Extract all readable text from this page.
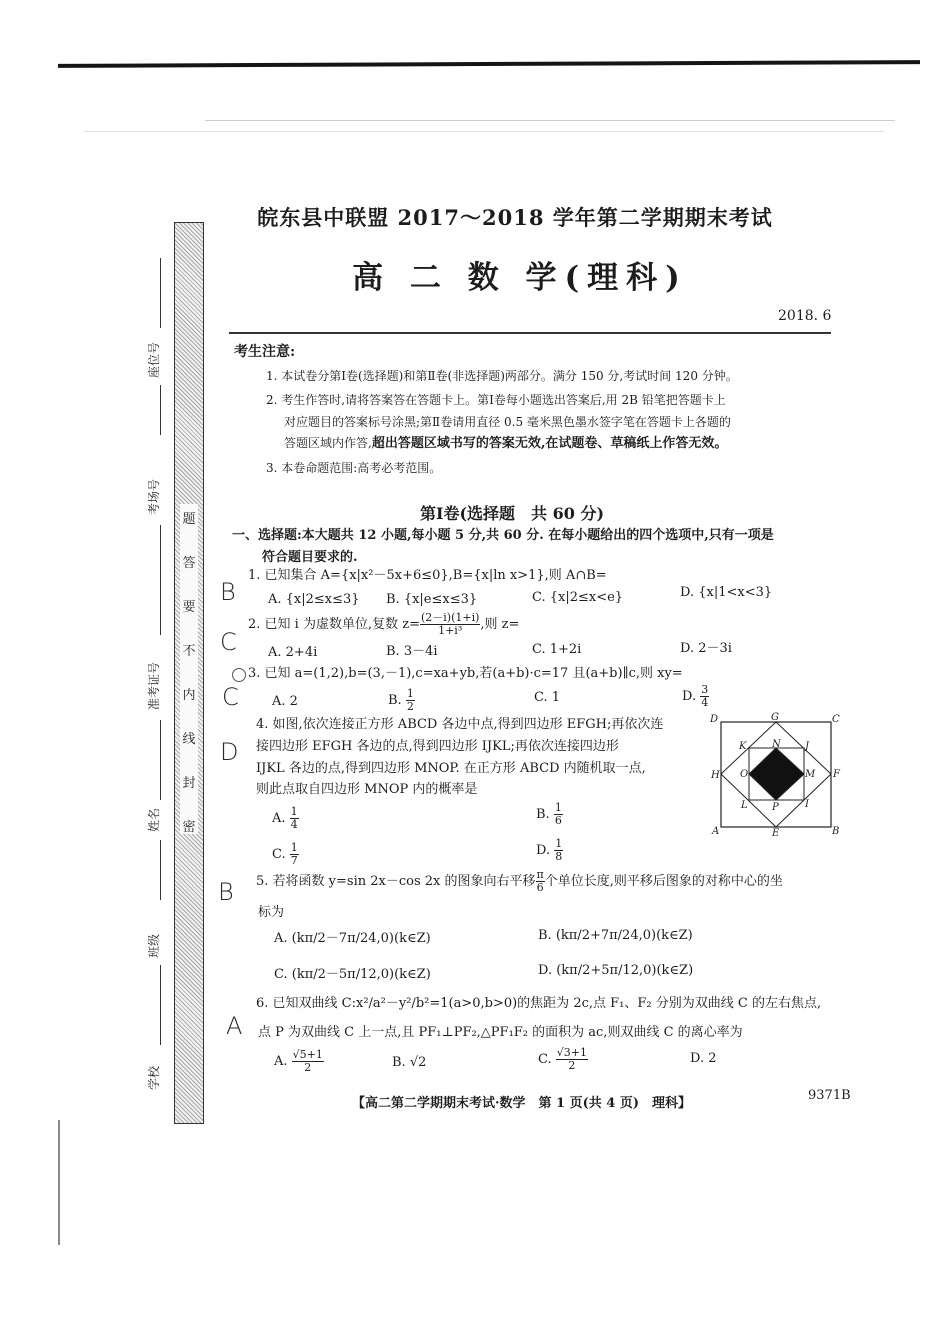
题
答
要
不
内
线
封
密
座位号
考场号
准考证号
姓名
班级
学校
皖东县中联盟 2017～2018 学年第二学期期末考试
高 二 数 学(理科)
2018. 6
考生注意:
1. 本试卷分第Ⅰ卷(选择题)和第Ⅱ卷(非选择题)两部分。满分 150 分,考试时间 120 分钟。
2. 考生作答时,请将答案答在答题卡上。第Ⅰ卷每小题选出答案后,用 2B 铅笔把答题卡上
对应题目的答案标号涂黑;第Ⅱ卷请用直径 0.5 毫米黑色墨水签字笔在答题卡上各题的
答题区域内作答,超出答题区域书写的答案无效,在试题卷、草稿纸上作答无效。
3. 本卷命题范围:高考必考范围。
第Ⅰ卷(选择题　共 60 分)
一、选择题:本大题共 12 小题,每小题 5 分,共 60 分. 在每小题给出的四个选项中,只有一项是
符合题目要求的.
B
C
C
D
B
A
1. 已知集合 A={x|x²－5x+6≤0},B={x|ln x>1},则 A∩B=
A. {x|2≤x≤3} B. {x|e≤x≤3}	C. {x|2≤x<e}	D. {x|1<x<3}
2. 已知 i 为虚数单位,复数 $z= \frac{(2-i)(1+i)}{\text{1+i³}}$ ,则 z=
A. 2+4i	B. 3－4i	C. 1+2i	D. 2－3i
3. 已知 a=(1,2),b=(3,－1),c=xa+yb,若(a+b)·c=17 且(a+b)∥c,则 xy=
A. 2	B. $\frac{1}{2}$	C. 1	D. $\frac{3}{4}$
4. 如图,依次连接正方形 ABCD 各边中点,得到四边形 EFGH;再依次连
接四边形 EFGH 各边的点,得到四边形 IJKL;再依次连接四边形
IJKL 各边的点,得到四边形 MNOP. 在正方形 ABCD 内随机取一点,
则此点取自四边形 MNOP 内的概率是
A. $\frac{1}{4}$	B. $\frac{1}{6}$
C. $\frac{1}{7}$	D. $\frac{1}{8}$
D	G	C
K	N J
H O	M F
L P	I
A	E	B
5. 若将函数 y=sin 2x－cos 2x 的图象向右平移 $\frac{\pi}{6}$ 个单位长度,则平移后图象的对称中心的坐
标为
A. (kπ/2－7π/24,0)(k∈Z)	B. (kπ/2+7π/24,0)(k∈Z)
C. (kπ/2－5π/12,0)(k∈Z)	D. (kπ/2+5π/12,0)(k∈Z)
6. 已知双曲线 C:x²/a²－y²/b²=1(a>0,b>0)的焦距为 2c,点 F₁、F₂ 分别为双曲线 C 的左右焦点,
点 P 为双曲线 C 上一点,且 PF₁⊥PF₂,△PF₁F₂ 的面积为 ac,则双曲线 C 的离心率为
A. $\frac{√5+1}{2}$	B. √2	C. $\frac{√3+1}{2}$	D. 2
【高二第二学期期末考试·数学　第 1 页(共 4 页)　理科】
9371B
